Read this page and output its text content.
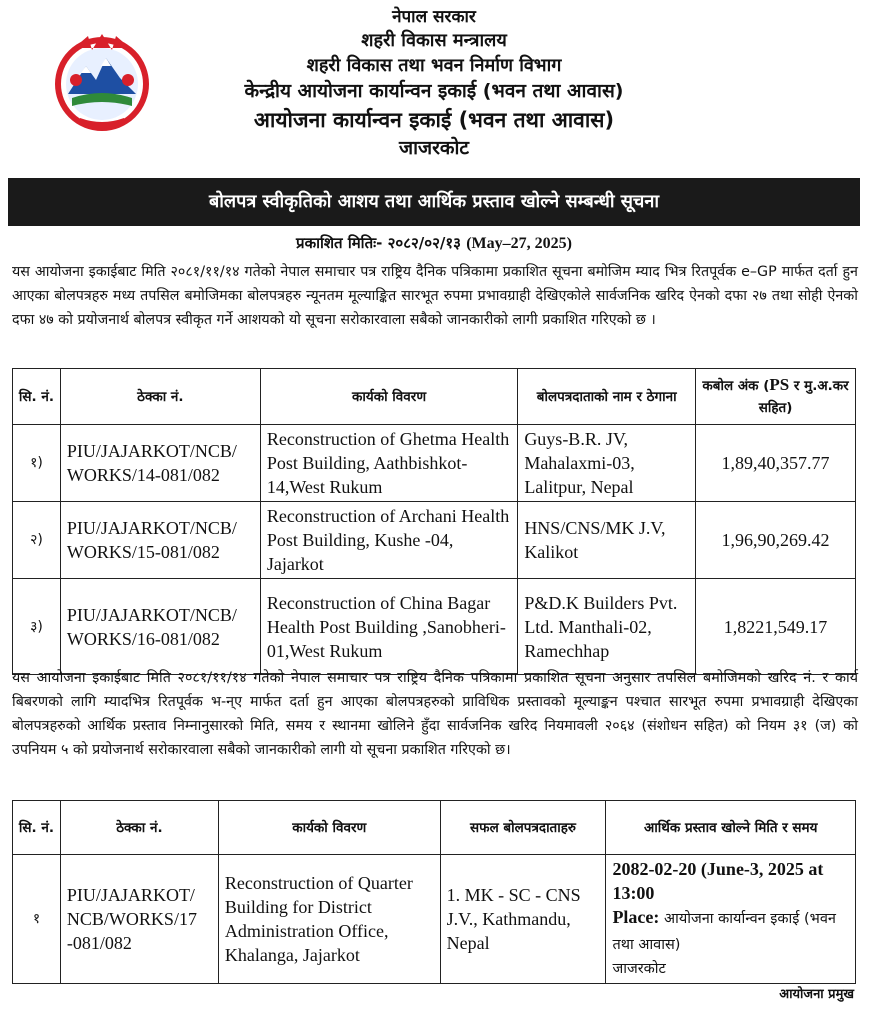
नेपाल सरकार
शहरी विकास मन्त्रालय
शहरी विकास तथा भवन निर्माण विभाग
केन्द्रीय आयोजना कार्यान्वन इकाई (भवन तथा आवास)
आयोजना कार्यान्वन इकाई (भवन तथा आवास)
जाजरकोट
बोलपत्र स्वीकृतिको आशय तथा आर्थिक प्रस्ताव खोल्ने सम्बन्धी सूचना
प्रकाशित मितिः- २०८२/०२/१३ (May–27, 2025)
यस आयोजना इकाईबाट मिति २०८१/११/१४ गतेको नेपाल समाचार पत्र राष्ट्रिय दैनिक पत्रिकामा प्रकाशित सूचना बमोजिम म्याद भित्र रितपूर्वक e–GP मार्फत दर्ता हुन आएका बोलपत्रहरु मध्य तपसिल बमोजिमका बोलपत्रहरु न्यूनतम मूल्याङ्कित सारभूत रुपमा प्रभावग्राही देखिएकोले सार्वजनिक खरिद ऐनको दफा २७ तथा सोही ऐनको दफा ४७ को प्रयोजनार्थ बोलपत्र स्वीकृत गर्ने आशयको यो सूचना सरोकारवाला सबैको जानकारीको लागी प्रकाशित गरिएको छ ।
सि. नं.	ठेक्का नं.	कार्यको विवरण	बोलपत्रदाताको नाम र ठेगाना	कबोल अंक (PS र मु.अ.कर सहित)
१)	PIU/JAJARKOT/NCB/ WORKS/14-081/082	Reconstruction of Ghetma Health Post Building, Aathbishkot-14,West Rukum	Guys-B.R. JV, Mahalaxmi-03, Lalitpur, Nepal	1,89,40,357.77
२)	PIU/JAJARKOT/NCB/ WORKS/15-081/082	Reconstruction of Archani Health Post Building, Kushe -04, Jajarkot	HNS/CNS/MK J.V, Kalikot	1,96,90,269.42
३)	PIU/JAJARKOT/NCB/ WORKS/16-081/082	Reconstruction of China Bagar Health Post Building ,Sanobheri-01,West Rukum	P&D.K Builders Pvt. Ltd. Manthali-02, Ramechhap	1,8221,549.17
यस आयोजना इकाईबाट मिति २०८१/११/१४ गतेको नेपाल समाचार पत्र राष्ट्रिय दैनिक पत्रिकामा प्रकाशित सूचना अनुसार तपसिल बमोजिमको खरिद नं. र कार्य बिबरणको लागि म्यादभित्र रितपूर्वक भ-न्ए मार्फत दर्ता हुन आएका बोलपत्रहरुको प्राविधिक प्रस्तावको मूल्याङ्कन पश्चात सारभूत रुपमा प्रभावग्राही देखिएका बोलपत्रहरुको आर्थिक प्रस्ताव निम्नानुसारको मिति, समय र स्थानमा खोलिने हुँदा सार्वजनिक खरिद नियमावली २०६४ (संशोधन सहित) को नियम ३१ (ज) को उपनियम ५ को प्रयोजनार्थ सरोकारवाला सबैको जानकारीको लागी यो सूचना प्रकाशित गरिएको छ।
सि. नं.	ठेक्का नं.	कार्यको विवरण	सफल बोलपत्रदाताहरु	आर्थिक प्रस्ताव खोल्ने मिति र समय
१	PIU/JAJARKOT/ NCB/WORKS/17 -081/082	Reconstruction of Quarter Building for District Administration Office, Khalanga, Jajarkot	1. MK - SC - CNS J.V., Kathmandu, Nepal	2082-02-20 (June-3, 2025 at 13:00
Place: आयोजना कार्यान्वन इकाई (भवन तथा आवास)
जाजरकोट
आयोजना प्रमुख
